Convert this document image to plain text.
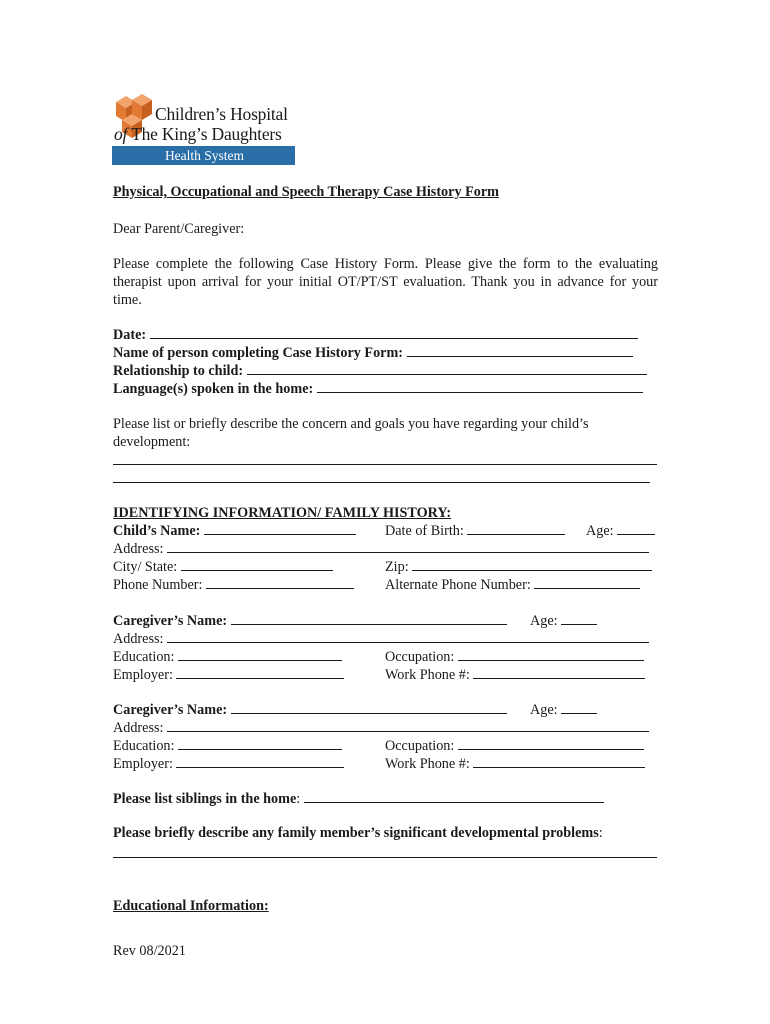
Children’s Hospital
of The King’s Daughters
Health System
Physical, Occupational and Speech Therapy Case History Form
Dear Parent/Caregiver:
Please complete the following Case History Form. Please give the form to the evaluating therapist upon arrival for your initial OT/PT/ST evaluation. Thank you in advance for your time.
Date:
Name of person completing Case History Form:
Relationship to child:
Language(s) spoken in the home:
Please list or briefly describe the concern and goals you have regarding your child’s development:
IDENTIFYING INFORMATION/ FAMILY HISTORY:
Child’s Name:	Date of Birth:	Age:
Address:
City/ State:	Zip:
Phone Number:	Alternate Phone Number:
Caregiver’s Name:	Age:
Address:
Education:	Occupation:
Employer:	Work Phone #:
Caregiver’s Name:	Age:
Address:
Education:	Occupation:
Employer:	Work Phone #:
Please list siblings in the home:
Please briefly describe any family member’s significant developmental problems:
Educational Information:
Rev 08/2021
